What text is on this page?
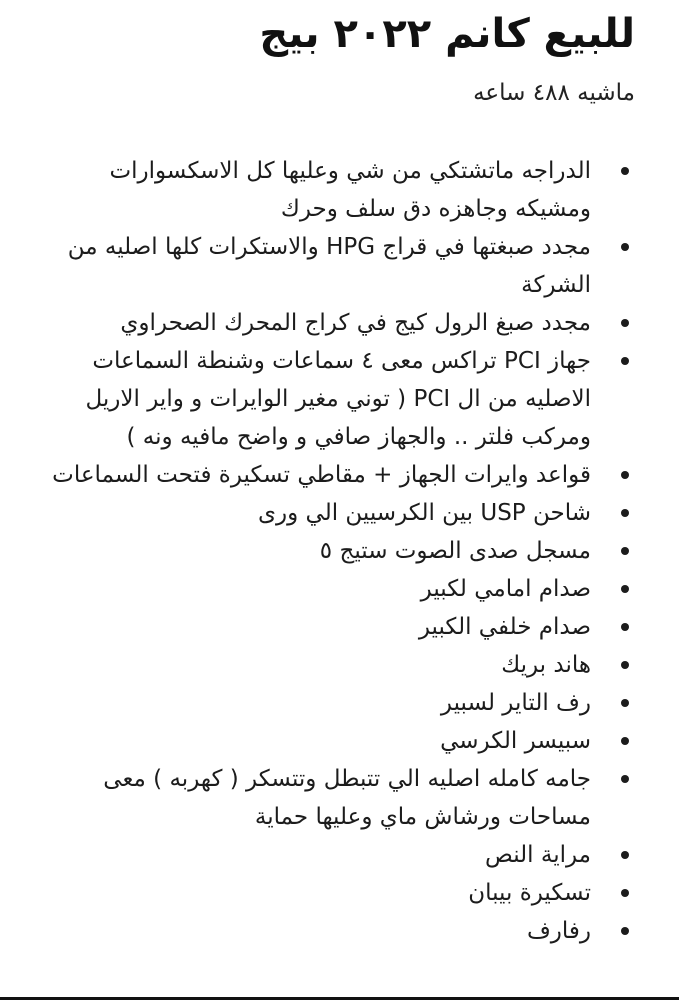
للبيع كانم ٢٠٢٢ بيج

ماشيه ٤٨٨ ساعه

الدراجه ماتشتكي من شي وعليها كل الاسكسوارات ومشيكه وجاهزه دق سلف وحرك
مجدد صبغتها في قراج HPG والاستكرات كلها اصليه من الشركة
مجدد صبغ الرول كيج في كراج المحرك الصحراوي
جهاز PCI تراكس معى ٤ سماعات وشنطة السماعات الاصليه من ال PCI ( توني مغير الوايرات و واير الاريل ومركب فلتر .. والجهاز صافي و واضح مافيه ونه )
قواعد وايرات الجهاز + مقاطي تسكيرة فتحت السماعات
شاحن USP بين الكرسيين الي ورى
مسجل صدى الصوت ستيج ٥
صدام امامي لكبير
صدام خلفي الكبير
هاند بريك
رف التاير لسبير
سبيسر الكرسي
جامه كامله اصليه الي تتبطل وتتسكر ( كهربه ) معى مساحات ورشاش ماي وعليها حماية
مراية النص
تسكيرة بيبان
رفارف
